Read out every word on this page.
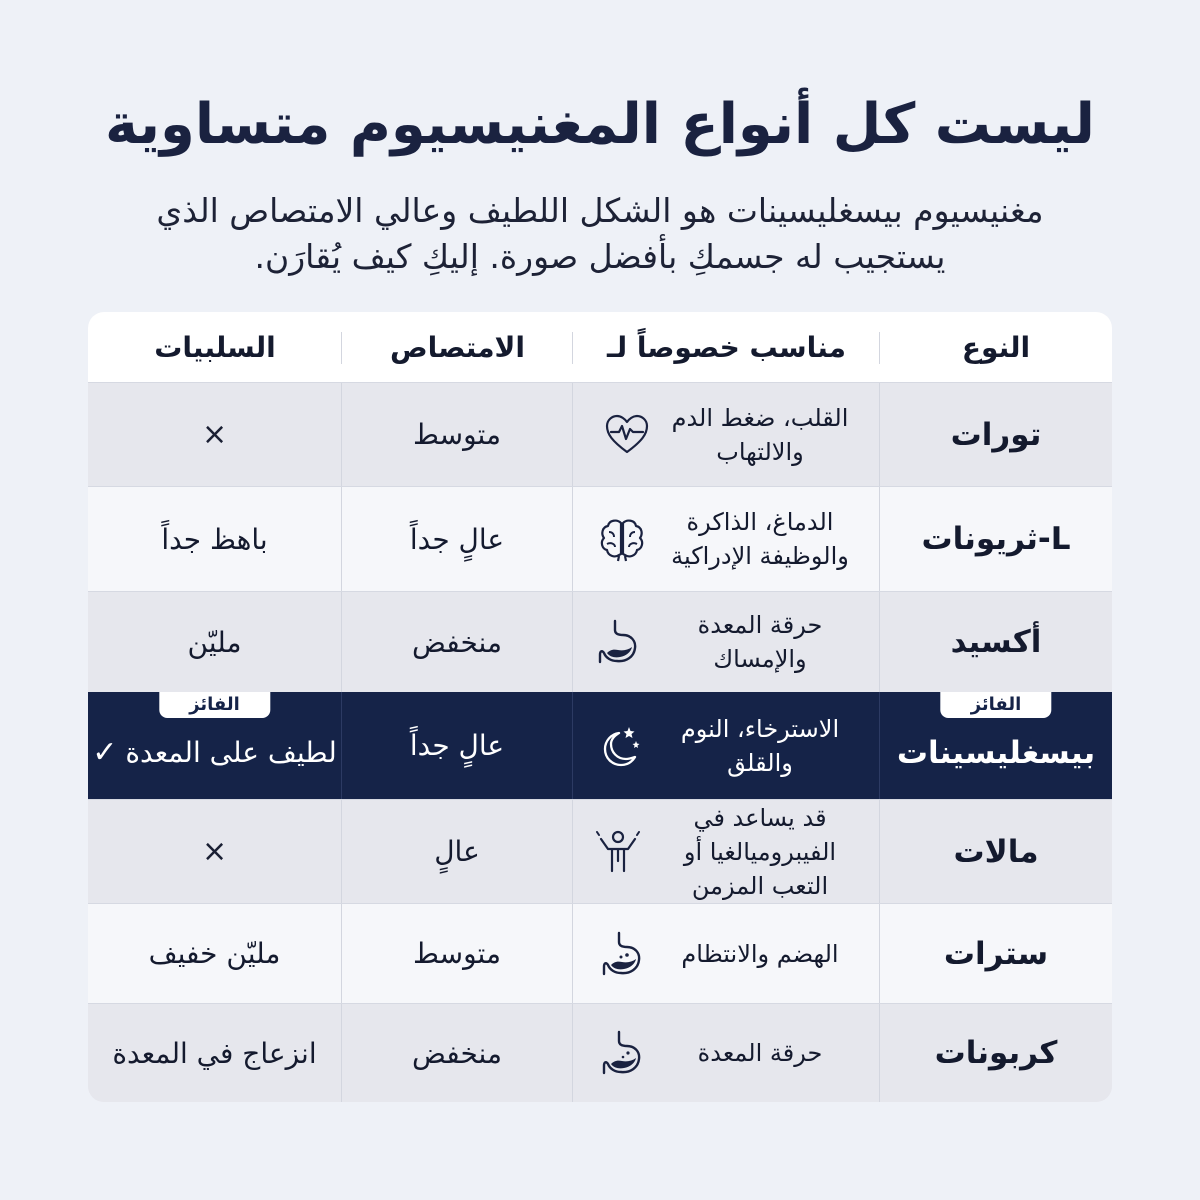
ليست كل أنواع المغنيسيوم متساوية
مغنيسيوم بيسغليسينات هو الشكل اللطيف وعالي الامتصاص الذي يستجيب له جسمكِ بأفضل صورة. إليكِ كيف يُقارَن.
النوع
مناسب خصوصاً لـ
الامتصاص
السلبيات
تورات
القلب، ضغط الدم والالتهاب
متوسط
×
L-ثريونات
الدماغ، الذاكرة والوظيفة الإدراكية
عالٍ جداً
باهظ جداً
أكسيد
حرقة المعدة والإمساك
منخفض
مليّن
الفائز
بيسغليسينات
الاسترخاء، النوم والقلق
عالٍ جداً
الفائز
لطيف على المعدة
✓
مالات
قد يساعد في الفيبروميالغيا أو التعب المزمن
عالٍ
×
سترات
الهضم والانتظام
متوسط
مليّن خفيف
كربونات
حرقة المعدة
منخفض
انزعاج في المعدة
